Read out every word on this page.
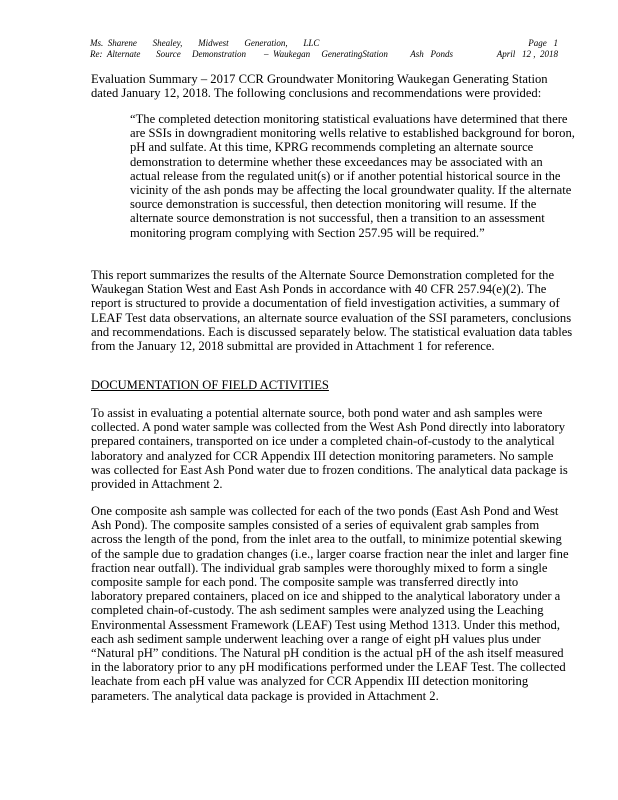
Ms.  Sharene       Shealey,       Midwest       Generation,       LLC
Re:  Alternate       Source     Demonstration        –  Waukegan     GeneratingStation          Ash   Ponds
Page   1
April   12 ,  2018

Evaluation Summary – 2017 CCR Groundwater Monitoring Waukegan Generating Station dated January 12, 2018. The following conclusions and recommendations were provided:

“The completed detection monitoring statistical evaluations have determined that there are SSIs in downgradient monitoring wells relative to established background for boron, pH and sulfate. At this time, KPRG recommends completing an alternate source demonstration to determine whether these exceedances may be associated with an actual release from the regulated unit(s) or if another potential historical source in the vicinity of the ash ponds may be affecting the local groundwater quality. If the alternate source demonstration is successful, then detection monitoring will resume. If the alternate source demonstration is not successful, then a transition to an assessment monitoring program complying with Section 257.95 will be required.”

This report summarizes the results of the Alternate Source Demonstration completed for the Waukegan Station West and East Ash Ponds in accordance with 40 CFR 257.94(e)(2). The report is structured to provide a documentation of field investigation activities, a summary of LEAF Test data observations, an alternate source evaluation of the SSI parameters, conclusions and recommendations. Each is discussed separately below. The statistical evaluation data tables from the January 12, 2018 submittal are provided in Attachment 1 for reference.

DOCUMENTATION OF FIELD ACTIVITIES

To assist in evaluating a potential alternate source, both pond water and ash samples were collected. A pond water sample was collected from the West Ash Pond directly into laboratory prepared containers, transported on ice under a completed chain-of-custody to the analytical laboratory and analyzed for CCR Appendix III detection monitoring parameters. No sample was collected for East Ash Pond water due to frozen conditions. The analytical data package is provided in Attachment 2.

One composite ash sample was collected for each of the two ponds (East Ash Pond and West Ash Pond). The composite samples consisted of a series of equivalent grab samples from across the length of the pond, from the inlet area to the outfall, to minimize potential skewing of the sample due to gradation changes (i.e., larger coarse fraction near the inlet and larger fine fraction near outfall). The individual grab samples were thoroughly mixed to form a single composite sample for each pond. The composite sample was transferred directly into laboratory prepared containers, placed on ice and shipped to the analytical laboratory under a completed chain-of-custody. The ash sediment samples were analyzed using the Leaching Environmental Assessment Framework (LEAF) Test using Method 1313. Under this method, each ash sediment sample underwent leaching over a range of eight pH values plus under “Natural pH” conditions. The Natural pH condition is the actual pH of the ash itself measured in the laboratory prior to any pH modifications performed under the LEAF Test. The collected leachate from each pH value was analyzed for CCR Appendix III detection monitoring parameters. The analytical data package is provided in Attachment 2.
